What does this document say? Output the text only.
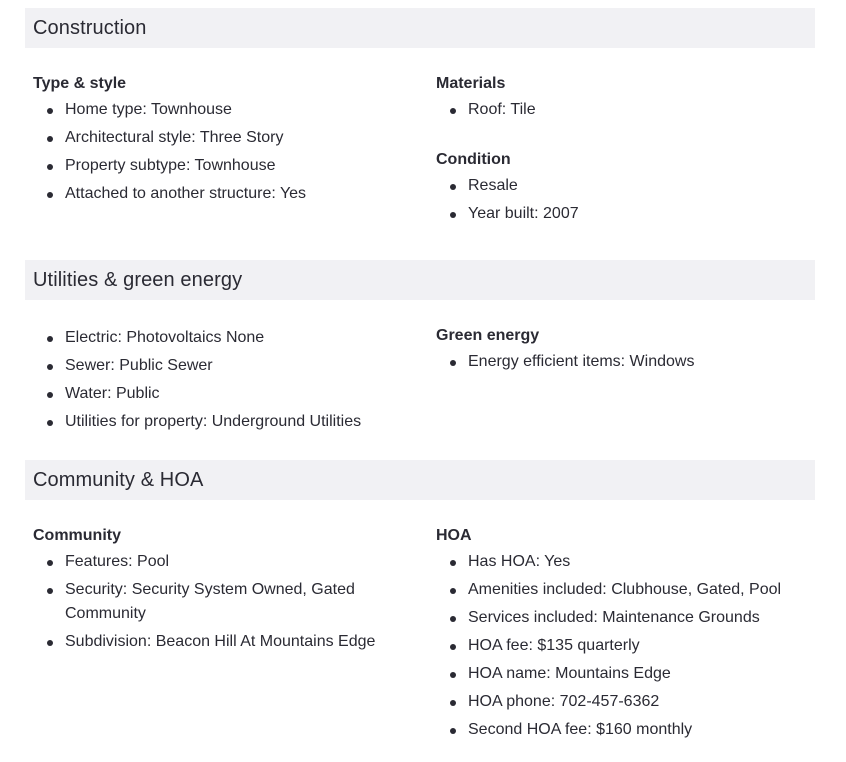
Construction
Type & style
Home type: Townhouse
Architectural style: Three Story
Property subtype: Townhouse
Attached to another structure: Yes
Materials
Roof: Tile
Condition
Resale
Year built: 2007
Utilities & green energy
Electric: Photovoltaics None
Sewer: Public Sewer
Water: Public
Utilities for property: Underground Utilities
Green energy
Energy efficient items: Windows
Community & HOA
Community
Features: Pool
Security: Security System Owned, Gated Community
Subdivision: Beacon Hill At Mountains Edge
HOA
Has HOA: Yes
Amenities included: Clubhouse, Gated, Pool
Services included: Maintenance Grounds
HOA fee: $135 quarterly
HOA name: Mountains Edge
HOA phone: 702-457-6362
Second HOA fee: $160 monthly
